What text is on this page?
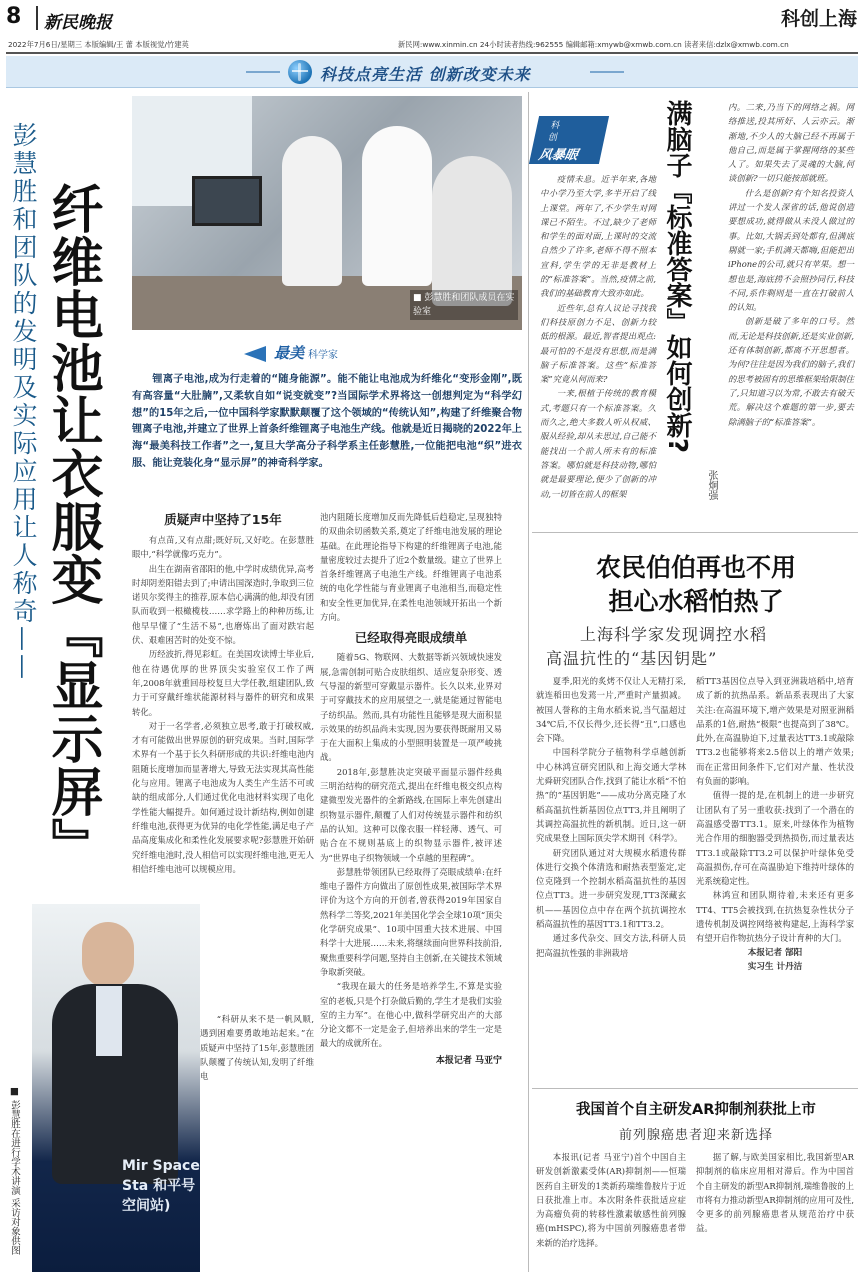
8 新民晚报	科创上海
2022年7月6日/星期三 本版编辑/王 蕾 本版视觉/竹建英	新民网:www.xinmin.cn 24小时读者热线:962555 编辑邮箱:xmywb@xmwb.com.cn 读者来信:dzlx@xmwb.com.cn
科技点亮生活 创新改变未来
彭慧胜和团队的发明及实际应用让人称奇—— 纤维电池让衣服变『显示屏』	■ 彭慧胜和团队成员在实验室
最美 科学家
锂离子电池,成为行走着的“随身能源”。能不能让电池成为纤维化“变形金刚”,既有高容量“大肚腩”,又柔软自如“说变就变”?当国际学术界将这一创想判定为“科学幻想”的15年之后,一位中国科学家默默颠覆了这个领域的“传统认知”,构建了纤维聚合物锂离子电池,并建立了世界上首条纤维锂离子电池生产线。他就是近日揭晓的2022年上海“最美科技工作者”之一,复旦大学高分子科学系主任彭慧胜,一位能把电池“织”进衣服、能让竞装化身“显示屏”的神奇科学家。
质疑声中坚持了15年

有点苗,又有点甜;既好玩,又好吃。在彭慧胜眼中,“科学就像巧克力”。

出生在湖南省邵阳的他,中学时成绩优异,高考时却阴差阳错去到了;申请出国深造时,争取到三位诺贝尔奖得主的推荐,原本信心满满的他,却没有团队而收到一根橄榄枝……求学路上的种种历练,让他早早懂了“生活不易”,也磨炼出了面对跌宕起伏、艰难困苦时的处变不惊。

历经波折,得见彩虹。在美国攻读博士毕业后,他在待遇优厚的世界顶尖实验室仅工作了两年,2008年就重回母校复旦大学任教,组建团队,致力于可穿戴纤维状能源材料与器件的研究和成果转化。

对于一名学者,必须独立思考,敢于打破权威,才有可能做出世界原创的研究成果。当时,国际学术界有一个基于长久科研形成的共识:纤维电池内阻随长度增加而显著增大,导致无法实现其高性能化与应用。锂离子电池成为人类生产生活不可或缺的组成部分,人们通过优化电池材料实现了电化学性能大幅提升。如何通过设计新结构,例如创建纤维电池,获得更为优异的电化学性能,满足电子产品高度集成化和柔性化发展要求呢?彭慧胜开始研究纤维电池时,没人相信可以实现纤维电池,更无人相信纤维电池可以规模应用。

“科研从来不是一帆风顺,遇到困难要勇敢地站起来。”在质疑声中坚持了15年,彭慧胜团队颠覆了传统认知,发明了纤维电

Mir Space Sta 和平号空间站)
■ 彭慧胜在进行学术讲演 采访对象供图

池内阻随长度增加反而先降低后趋稳定,呈现独特的双曲余切函数关系,奠定了纤维电池发展的理论基础。在此理论指导下构建的纤维锂离子电池,能量密度较过去提升了近2个数量级。建立了世界上首条纤维锂离子电池生产线。纤维锂离子电池系统的电化学性能与育业锂离子电池相当,而稳定性和安全性更加优异,在柔性电池领域开拓出一个新方向。

已经取得亮眼成绩单

随着5G、物联网、大数据等新兴领域快速发展,急需创制可贴合皮肤组织、适应复杂形变、透气导湿的新型可穿戴显示器件。长久以来,业界对于可穿戴技术的应用展望之一,就是能通过智能电子纺织品。然而,具有功能性且能够是现大面积显示效果的纺织品尚未实现,因为要获得既耐用又易于在大面积上集成的小型照明装置是一项严峻挑战。

2018年,彭慧胜决定突破平面显示器件经典三明治结构的研究范式,提出在纤维电极交织点构建微型发光器件的全新路线,在国际上率先创建出织物显示器件,颠覆了人们对传统显示器件和纺织品的认知。这种可以像衣服一样轻薄、透气、可贴合在不规则基底上的织物显示器件,被评述为“世界电子织物领域一个卓越的里程碑”。

彭慧胜带领团队已经取得了亮眼成绩单:在纤维电子器件方向做出了原创性成果,被国际学术界评价为这个方向的开创者,曾获得2019年国家自然科学二等奖,2021年美国化学会全球10项“顶尖化学研究成果”、10项中国重大技术进展、中国科学十大进展……未来,将继续面向世界科技前沿,聚焦重要科学问题,坚持自主创新,在关键技术领域争取新突破。

“我现在最大的任务是培养学生,不算是实验室的老板,只是个打杂做后勤的,学生才是我们实验室的主力军”。在他心中,做科学研究出产的大部分论文都不一定是金子,但培养出来的学生一定是最大的成就所在。

本报记者 马亚宁
科
创
风暴眼	满脑子『标准答案』如何创新?
张炯强

疫情未息。近半年来,各地中小学乃至大学,多半开启了线上课堂。两年了,不少学生对网课已不陌生。不过,缺少了老师和学生的面对面,上课时的交流自然少了许多,老师不得不照本宣科,学生学的无非是教材上的“标准答案”。当然,疫情之前,我们的基础教育大致亦如此。

近些年,总有人议论寻找我们科技原创力不足、创新力较低的根源。最近,智者提出观点:最可怕的不是没有思想,而是满脑子标准答案。这些“标准答案”究竟从何而来?

一来,根植于传统的教育模式,考题只有一个标准答案。久而久之,绝大多数人听从权威、服从经验,却从未思过,自己能不能找出一个前人所未有的标准答案。哪怕就是科技动物,哪怕就是最要理论,便少了创新的冲动,一切皆在前人的框架

内。二来,乃当下的网络之祸。网络推送,投其所好、人云亦云。渐渐地,不少人的大脑已经不再属于他自己,而是属于掌握网络的某些人了。如果失去了灵魂的大脑,何谈创新?一切只能按部就班。

什么是创新?有个知名投资人讲过一个发人深省的话,他说创造要想成功,就得做从未没人做过的事。比如,大锅丢到处都有,但满底剔就一家;手机满天都嗨,但能把出iPhone的公司,就只有苹果。想一想也是,海底捞不会照抄同行,科技不同,系作剩则是一直在打破前人的认知。

创新是破了多年的口号。然而,无论是科技创新,还是实业创新,还有体制创新,都离不开思想者。为何?往往是因为我们的脑子,我们的思考被固有的思维框架给限制住了,只知道习以为常,不敢去有破天荒。解决这个难题的第一步,要去除满脑子的“标准答案”。

农民伯伯再也不用
担心水稻怕热了
上海科学家发现调控水稻
高温抗性的“基因钥匙”

夏季,阳光的炙烤不仅让人无精打采,就连稻田也发蔫一片,严重时产量损减。被国人誉称的主角水稻来说,当气温超过34℃后,不仅长得少,还长得“丑”,口感也会下降。

中国科学院分子植物科学卓越创新中心林鸿宣研究团队和上海交通大学林尤舜研究团队合作,找到了能让水稻“不怕热”的“基因钥匙”——成功分离克隆了水稻高温抗性新基因位点TT3,并且阐明了其调控高温抗性的新机制。近日,这一研究成果登上国际顶尖学术期刊《科学》。

研究团队通过对大规模水稻遗传群体进行交换个体清选和耐热表型鉴定,定位克隆到一个控制水稻高温抗性的基因位点TT3。进一步研究发现,TT3深藏玄机——基因位点中存在两个抗抗调控水稻高温抗性的基因TT3.1和TT3.2。

通过多代杂交、回交方法,科研人员把高温抗性强的非洲栽培

稻TT3基因位点导入到亚洲栽培稻中,培育成了新的抗热品系。新品系表现出了大家关注:在高温环境下,增产效果是对照亚洲稻品系的1倍,耐热“极限”也提高到了38℃。此外,在高温胁迫下,过量表达TT3.1或敲除TT3.2也能够将来2.5倍以上的增产效果;而在正常田间条件下,它们对产量、性状没有负面的影响。

值得一提的是,在机制上的进一步研究让团队有了另一重收获:找到了一个潜在的高温感受器TT3.1。原来,叶绿体作为植物光合作用的细胞器受到热损伤,而过量表达TT3.1或敲除TT3.2可以保护叶绿体免受高温损伤,存可在高温胁迫下维持叶绿体的光系统稳定性。

林鸿宣和团队期待着,未来还有更多TT4、TT5会被找到,在抗热复杂性状分子遗传机制及调控网络被构建起,上海科学家有望开启作物抗热分子设计育种的大门。

本报记者 郜阳
实习生 计丹洁
我国首个自主研发AR抑制剂获批上市
前列腺癌患者迎来新选择

本报讯(记者 马亚宁)首个中国自主研发创新激素受体(AR)抑制剂——恒瑞医药自主研发的1类新药瑞维鲁胺片于近日获批准上市。本次附条件获批适应症为高瘤负荷的转移性激素敏感性前列腺癌(mHSPC),将为中国前列腺癌患者带来新的治疗选择。

据了解,与欧美国家相比,我国新型AR抑制剂的临床应用相对滞后。作为中国首个自主研发的新型AR抑制剂,瑞维鲁胺的上市将有力推动新型AR抑制剂的应用可及性,令更多的前列腺癌患者从规范治疗中获益。
